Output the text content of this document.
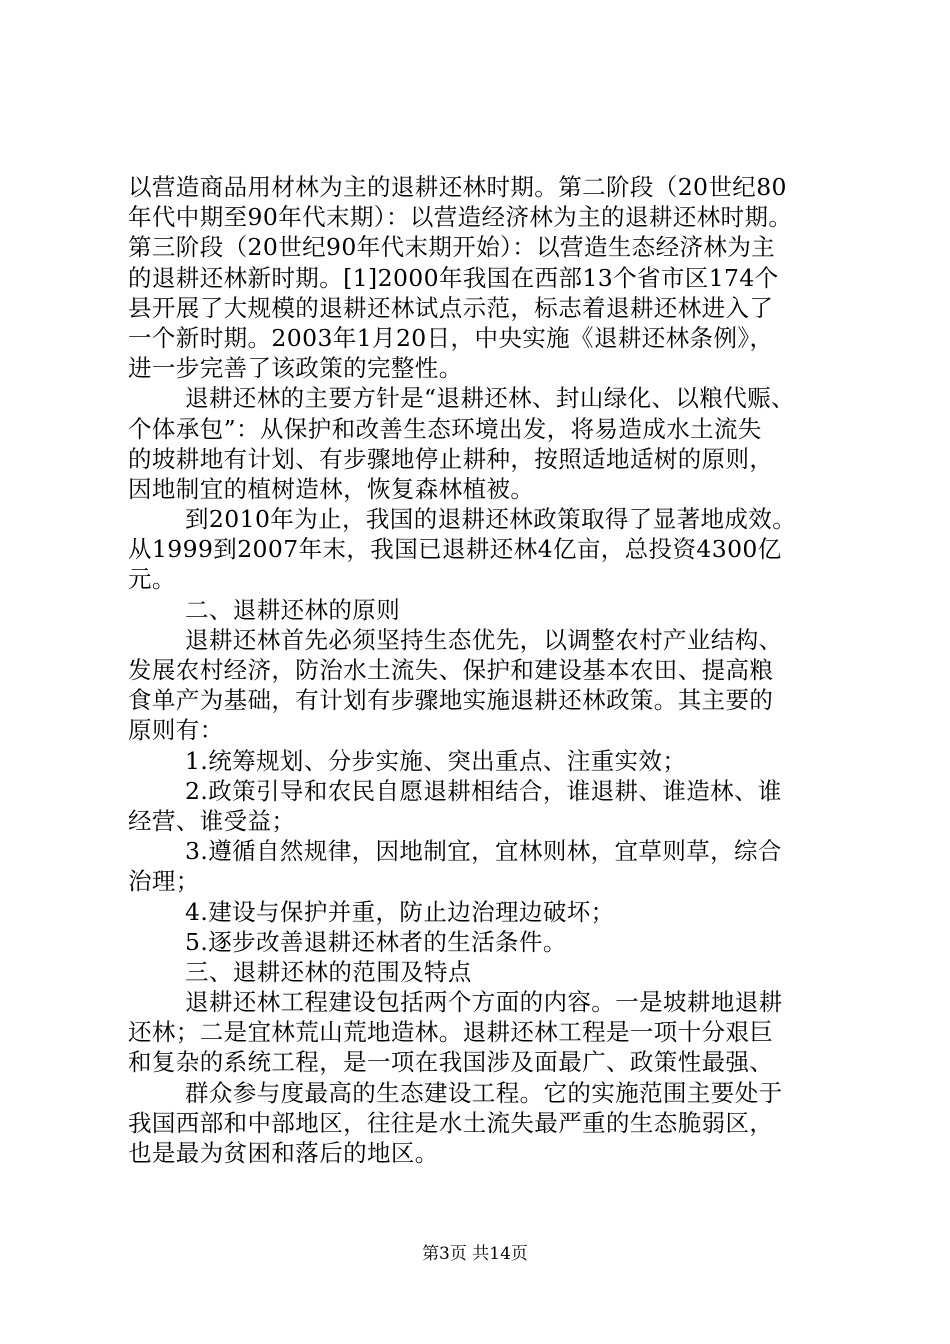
以营造商品用材林为主的退耕还林时期。第二阶段（20世纪80
年代中期至90年代末期）：以营造经济林为主的退耕还林时期。
第三阶段（20世纪90年代末期开始）：以营造生态经济林为主
的退耕还林新时期。[1]2000年我国在西部13个省市区174个
县开展了大规模的退耕还林试点示范，标志着退耕还林进入了
一个新时期。2003年1月20日，中央实施《退耕还林条例》，
进一步完善了该政策的完整性。
退耕还林的主要方针是“退耕还林、封山绿化、以粮代赈、
个体承包”：从保护和改善生态环境出发，将易造成水土流失
的坡耕地有计划、有步骤地停止耕种，按照适地适树的原则，
因地制宜的植树造林，恢复森林植被。
到2010年为止，我国的退耕还林政策取得了显著地成效。
从1999到2007年末，我国已退耕还林4亿亩，总投资4300亿
元。
二、退耕还林的原则
退耕还林首先必须坚持生态优先，以调整农村产业结构、
发展农村经济，防治水土流失、保护和建设基本农田、提高粮
食单产为基础，有计划有步骤地实施退耕还林政策。其主要的
原则有：
1.统筹规划、分步实施、突出重点、注重实效；
2.政策引导和农民自愿退耕相结合，谁退耕、谁造林、谁
经营、谁受益；
3.遵循自然规律，因地制宜，宜林则林，宜草则草，综合
治理；
4.建设与保护并重，防止边治理边破坏；
5.逐步改善退耕还林者的生活条件。
三、退耕还林的范围及特点
退耕还林工程建设包括两个方面的内容。一是坡耕地退耕
还林；二是宜林荒山荒地造林。退耕还林工程是一项十分艰巨
和复杂的系统工程，是一项在我国涉及面最广、政策性最强、
群众参与度最高的生态建设工程。它的实施范围主要处于
我国西部和中部地区，往往是水土流失最严重的生态脆弱区，
也是最为贫困和落后的地区。
第3页 共14页
